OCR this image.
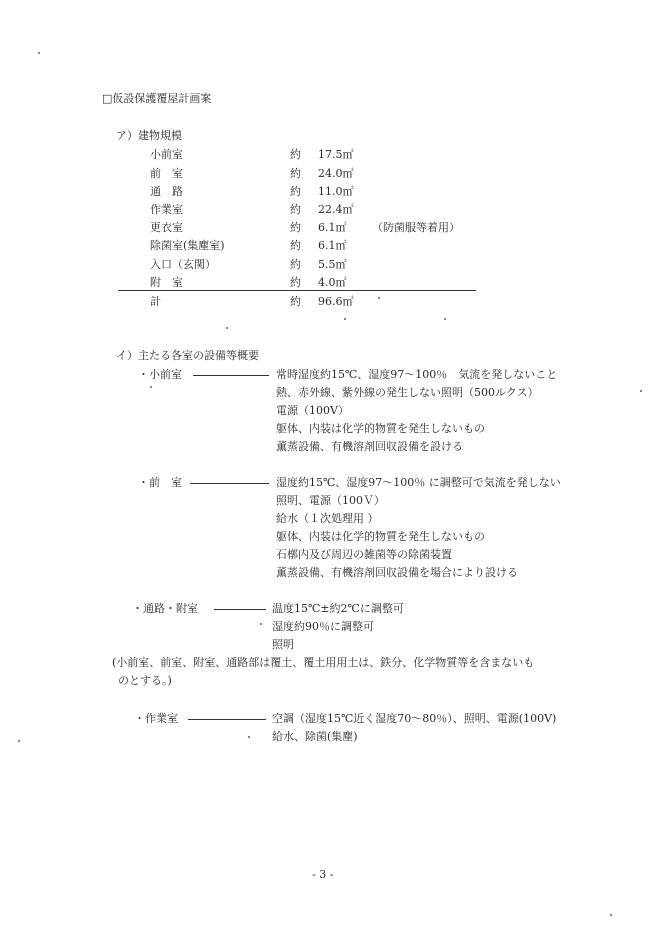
□仮設保護覆屋計画案
ア）建物規模
小前室	約 17.5㎡
前　室	約 24.0㎡
通　路	約 11.0㎡
作業室	約 22.4㎡
更衣室	約 6.1㎡ （防菌服等着用）
除菌室(集塵室)	約 6.1㎡
入口（玄関）	約 5.5㎡
附　室	約 4.0㎡
計	約 96.6㎡
イ）主たる各室の設備等概要
・小前室	常時湿度約15℃、湿度97～100％　気流を発しないこと
熱、赤外線、紫外線の発生しない照明（500ルクス）
電源（100V）
躯体、内装は化学的物質を発生しないもの
薫蒸設備、有機溶剤回収設備を設ける
・前　室	湿度約15℃、湿度97～100％ に調整可で気流を発しない
照明、電源（100Ｖ）
給水（１次処理用 ）
躯体、内装は化学的物質を発生しないもの
石槨内及び周辺の雑菌等の除菌装置
薫蒸設備、有機溶剤回収設備を場合により設ける
・通路・附室	温度15℃±約2℃に調整可
湿度約90％に調整可
照明
(小前室、前室、附室、通路部は覆土、覆土用用土は、鉄分、化学物質等を含まないも
のとする。)
・作業室	空調（湿度15℃近く湿度70～80％）、照明、電源(100V)
給水、除菌(集塵)
- 3 -
